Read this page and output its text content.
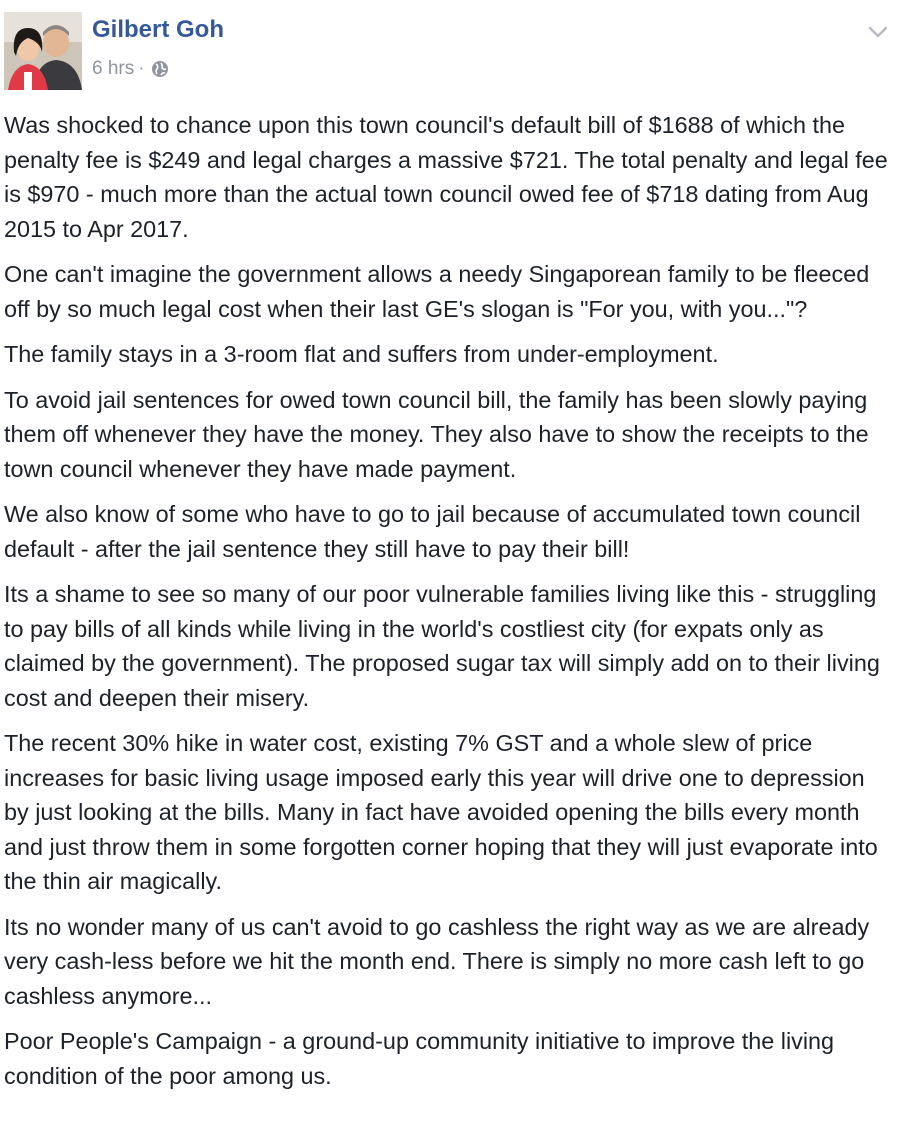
Gilbert Goh
6 hrs ·

Was shocked to chance upon this town council's default bill of $1688 of which the penalty fee is $249 and legal charges a massive $721. The total penalty and legal fee is $970 - much more than the actual town council owed fee of $718 dating from Aug 2015 to Apr 2017.

One can't imagine the government allows a needy Singaporean family to be fleeced off by so much legal cost when their last GE's slogan is "For you, with you..."?

The family stays in a 3-room flat and suffers from under-employment.

To avoid jail sentences for owed town council bill, the family has been slowly paying them off whenever they have the money. They also have to show the receipts to the town council whenever they have made payment.

We also know of some who have to go to jail because of accumulated town council default - after the jail sentence they still have to pay their bill!

Its a shame to see so many of our poor vulnerable families living like this - struggling to pay bills of all kinds while living in the world's costliest city (for expats only as claimed by the government). The proposed sugar tax will simply add on to their living cost and deepen their misery.

The recent 30% hike in water cost, existing 7% GST and a whole slew of price increases for basic living usage imposed early this year will drive one to depression by just looking at the bills. Many in fact have avoided opening the bills every month and just throw them in some forgotten corner hoping that they will just evaporate into the thin air magically.

Its no wonder many of us can't avoid to go cashless the right way as we are already very cash-less before we hit the month end. There is simply no more cash left to go cashless anymore...

Poor People's Campaign - a ground-up community initiative to improve the living condition of the poor among us.
